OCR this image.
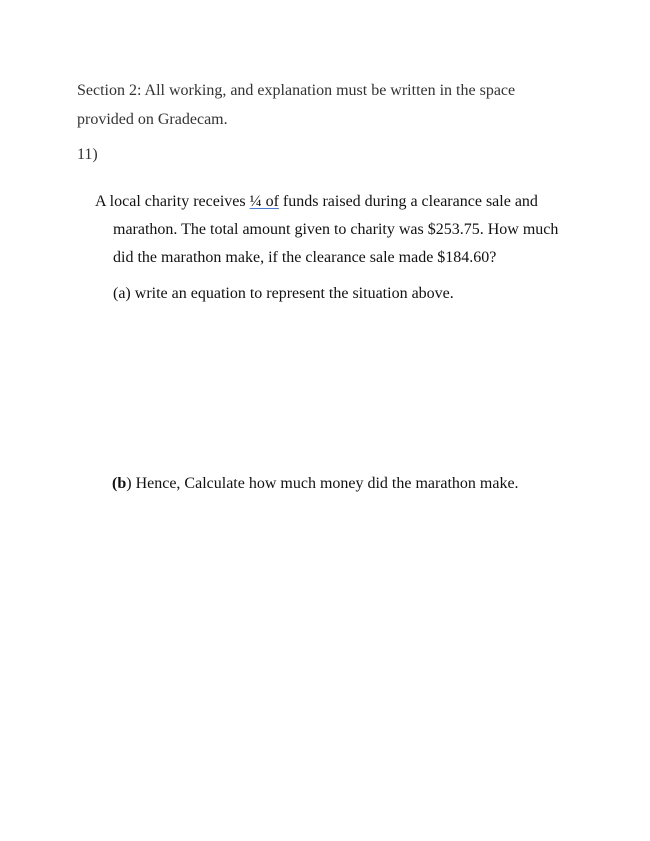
Section 2: All working, and explanation must be written in the space
provided on Gradecam.
11)
A local charity receives ¼ of funds raised during a clearance sale and
marathon. The total amount given to charity was $253.75. How much
did the marathon make, if the clearance sale made $184.60?
(a) write an equation to represent the situation above.
(b) Hence, Calculate how much money did the marathon make.
